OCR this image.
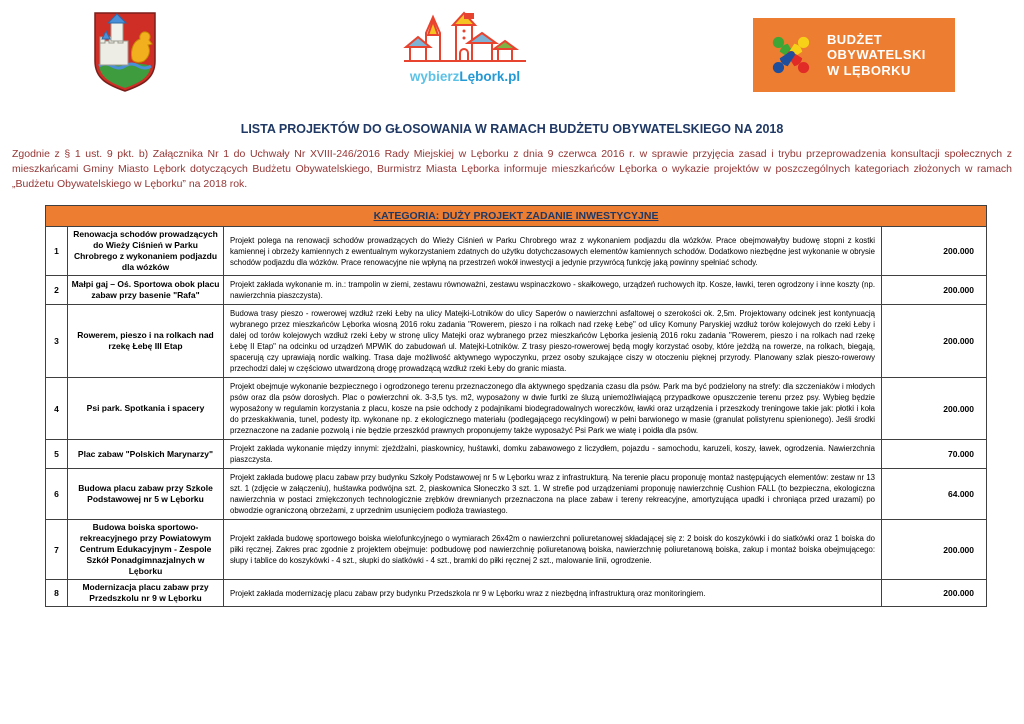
wybierzLębork.pl
BUDŻET
OBYWATELSKI
W LĘBORKU
LISTA PROJEKTÓW DO GŁOSOWANIA W RAMACH BUDŻETU OBYWATELSKIEGO NA 2018

Zgodnie z § 1 ust. 9 pkt. b) Załącznika Nr 1 do Uchwały Nr XVIII-246/2016 Rady Miejskiej w Lęborku z dnia 9 czerwca 2016 r. w sprawie przyjęcia zasad i trybu przeprowadzenia konsultacji społecznych z mieszkańcami Gminy Miasto Lębork dotyczących Budżetu Obywatelskiego, Burmistrz Miasta Lęborka informuje mieszkańców Lęborka o wykazie projektów w poszczególnych kategoriach złożonych w ramach „Budżetu Obywatelskiego w Lęborku” na 2018 rok.

KATEGORIA: DUŻY PROJEKT ZADANIE INWESTYCYJNE			
1	Renowacja schodów prowadzących do Wieży Ciśnień w Parku Chrobrego z wykonaniem podjazdu dla wózków	Projekt polega na renowacji schodów prowadzących do Wieży Ciśnień w Parku Chrobrego wraz z wykonaniem podjazdu dla wózków. Prace obejmowałyby budowę stopni z kostki kamiennej i obrzeży kamiennych z ewentualnym wykorzystaniem zdatnych do użytku dotychczasowych elementów kamiennych schodów. Dodatkowo niezbędne jest wykonanie w obrysie schodów podjazdu dla wózków. Prace renowacyjne nie wpłyną na przestrzeń wokół inwestycji a jedynie przywrócą funkcję jaką powinny spełniać schody.	200.000
2	Małpi gaj – Oś. Sportowa obok placu zabaw przy basenie "Rafa"	Projekt zakłada wykonanie m. in.: trampolin w ziemi, zestawu równoważni, zestawu wspinaczkowo - skałkowego, urządzeń ruchowych itp. Kosze, ławki, teren ogrodzony i inne koszty (np. nawierzchnia piaszczysta).	200.000
3	Rowerem, pieszo i na rolkach nad rzekę Łebę III Etap	Budowa trasy pieszo - rowerowej wzdłuż rzeki Łeby na ulicy Matejki-Lotników do ulicy Saperów o nawierzchni asfaltowej o szerokości ok. 2,5m. Projektowany odcinek jest kontynuacją wybranego przez mieszkańców Lęborka wiosną 2016 roku zadania "Rowerem, pieszo i na rolkach nad rzekę Łebę" od ulicy Komuny Paryskiej wzdłuż torów kolejowych do rzeki Łeby i dalej od torów kolejowych wzdłuż rzeki Łeby w stronę ulicy Matejki oraz wybranego przez mieszkańców Lęborka jesienią 2016 roku zadania "Rowerem, pieszo i na rolkach nad rzekę Łebę II Etap" na odcinku od urządzeń MPWiK do zabudowań ul. Matejki-Lotników. Z trasy pieszo-rowerowej będą mogły korzystać osoby, które jeżdżą na rowerze, na rolkach, biegają, spacerują czy uprawiają nordic walking. Trasa daje możliwość aktywnego wypoczynku, przez osoby szukające ciszy w otoczeniu pięknej przyrody. Planowany szlak pieszo-rowerowy przechodzi dalej w częściowo utwardzoną drogę prowadzącą wzdłuż rzeki Łeby do granic miasta.	200.000
4	Psi park. Spotkania i spacery	Projekt obejmuje wykonanie bezpiecznego i ogrodzonego terenu przeznaczonego dla aktywnego spędzania czasu dla psów. Park ma być podzielony na strefy: dla szczeniaków i młodych psów oraz dla psów dorosłych. Plac o powierzchni ok. 3-3,5 tys. m2, wyposażony w dwie furtki ze śluzą uniemożliwiającą przypadkowe opuszczenie terenu przez psy. Wybieg będzie wyposażony w regulamin korzystania z placu, kosze na psie odchody z podajnikami biodegradowalnych woreczków, ławki oraz urządzenia i przeszkody treningowe takie jak: płotki i koła do przeskakiwania, tunel, podesty itp. wykonane np. z ekologicznego materiału (podlegającego recyklingowi) w pełni barwionego w masie (granulat polistyrenu spienionego). Jeśli środki przeznaczone na zadanie pozwolą i nie będzie przeszkód prawnych proponujemy także wyposażyć Psi Park we wiatę i poidła dla psów.	200.000
5	Plac zabaw "Polskich Marynarzy"	Projekt zakłada wykonanie między innymi: zjeżdżalni, piaskownicy, huśtawki, domku zabawowego z liczydłem, pojazdu - samochodu, karuzeli, koszy, ławek, ogrodzenia. Nawierzchnia piaszczysta.	70.000
6	Budowa placu zabaw przy Szkole Podstawowej nr 5 w Lęborku	Projekt zakłada budowę placu zabaw przy budynku Szkoły Podstawowej nr 5 w Lęborku wraz z infrastrukturą. Na terenie placu proponuję montaż następujących elementów: zestaw nr 13 szt. 1 (zdjęcie w załączeniu), huśtawka podwójna szt. 2, piaskownica Słoneczko 3 szt. 1. W strefie pod urządzeniami proponuję nawierzchnię Cushion FALL (to bezpieczna, ekologiczna nawierzchnia w postaci zmiękczonych technologicznie zrębków drewnianych przeznaczona na place zabaw i tereny rekreacyjne, amortyzująca upadki i chroniąca przed urazami) po obwodzie ograniczoną obrzeżami, z uprzednim usunięciem podłoża trawiastego.	64.000
7	Budowa boiska sportowo-rekreacyjnego przy Powiatowym Centrum Edukacyjnym - Zespole Szkół Ponadgimnazjalnych w Lęborku	Projekt zakłada budowę sportowego boiska wielofunkcyjnego o wymiarach 26x42m o nawierzchni poliuretanowej składającej się z: 2 boisk do koszykówki i do siatkówki oraz 1 boiska do piłki ręcznej. Zakres prac zgodnie z projektem obejmuje: podbudowę pod nawierzchnię poliuretanową boiska, nawierzchnię poliuretanową boiska, zakup i montaż boiska obejmującego: słupy i tablice do koszykówki - 4 szt., słupki do siatkówki - 4 szt., bramki do piłki ręcznej 2 szt., malowanie linii, ogrodzenie.	200.000
8	Modernizacja placu zabaw przy Przedszkolu nr 9 w Lęborku	Projekt zakłada modernizację placu zabaw przy budynku Przedszkola nr 9 w Lęborku wraz z niezbędną infrastrukturą oraz monitoringiem.	200.000
